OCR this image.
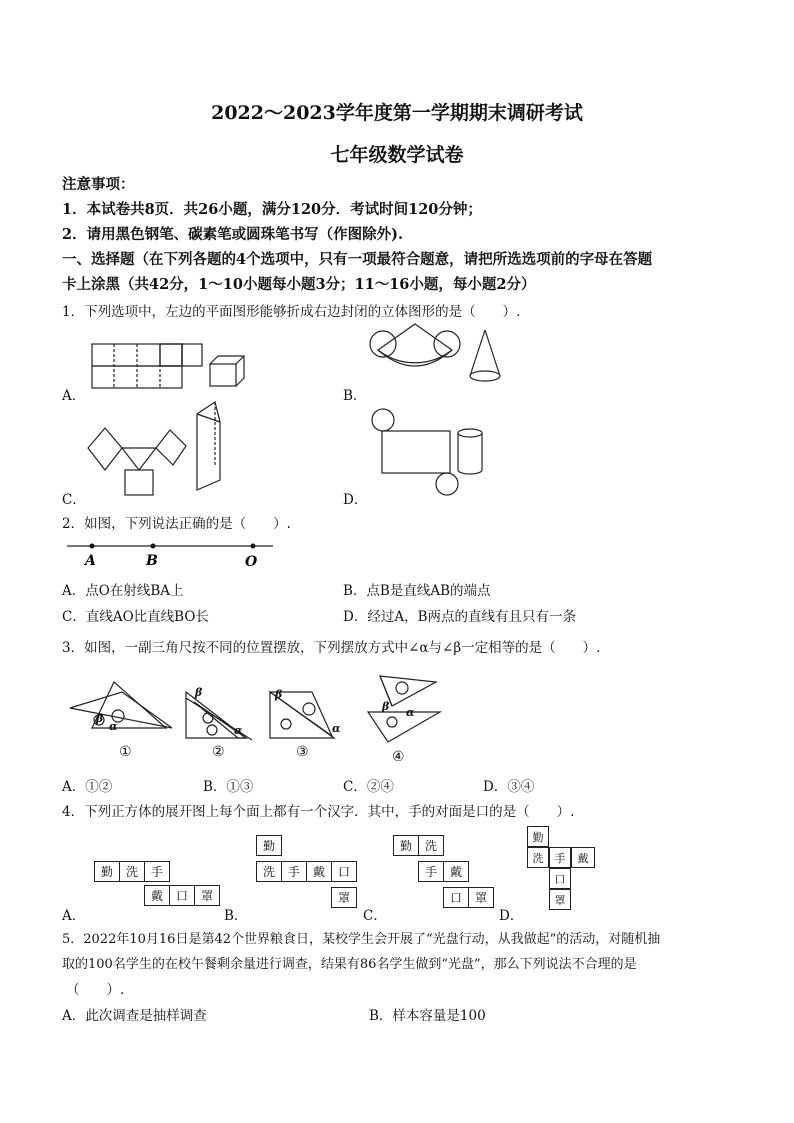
2022～2023学年度第一学期期末调研考试
七年级数学试卷
注意事项：
1．本试卷共8页．共26小题，满分120分．考试时间120分钟；
2．请用黑色钢笔、碳素笔或圆珠笔书写（作图除外).
一、选择题（在下列各题的4个选项中，只有一项最符合题意，请把所选选项前的字母在答题
卡上涂黑（共42分，1～10小题每小题3分；11～16小题，每小题2分）
1．下列选项中，左边的平面图形能够折成右边封闭的立体图形的是（　　）.
A．	B．
C．	D．
2．如图，下列说法正确的是（　　）.
A	B	O
A．点O在射线BA上	B．点B是直线AB的端点
C．直线AO比直线BO长	D．经过A，B两点的直线有且只有一条
3．如图，一副三角尺按不同的位置摆放，下列摆放方式中∠α与∠β一定相等的是（　　）.
β
α
β
α
β
α
β α
①	②	③	④
A．①②	B．①③	C．②④	D．③④
4．下列正方体的展开图上每个面上都有一个汉字．其中，手的对面是口的是（　　）.
勤	洗	手
戴	口	罩
勤
洗	手	戴	口
罩
勤	洗
手	戴
口	罩
勤
洗	手	戴
口
罩
A．	B．	C．	D．
5．2022年10月16日是第42个世界粮食日，某校学生会开展了“光盘行动，从我做起”的活动，对随机抽
取的100名学生的在校午餐剩余量进行调查，结果有86名学生做到“光盘”，那么下列说法不合理的是
（　　）.
A．此次调查是抽样调查	B．样本容量是100
